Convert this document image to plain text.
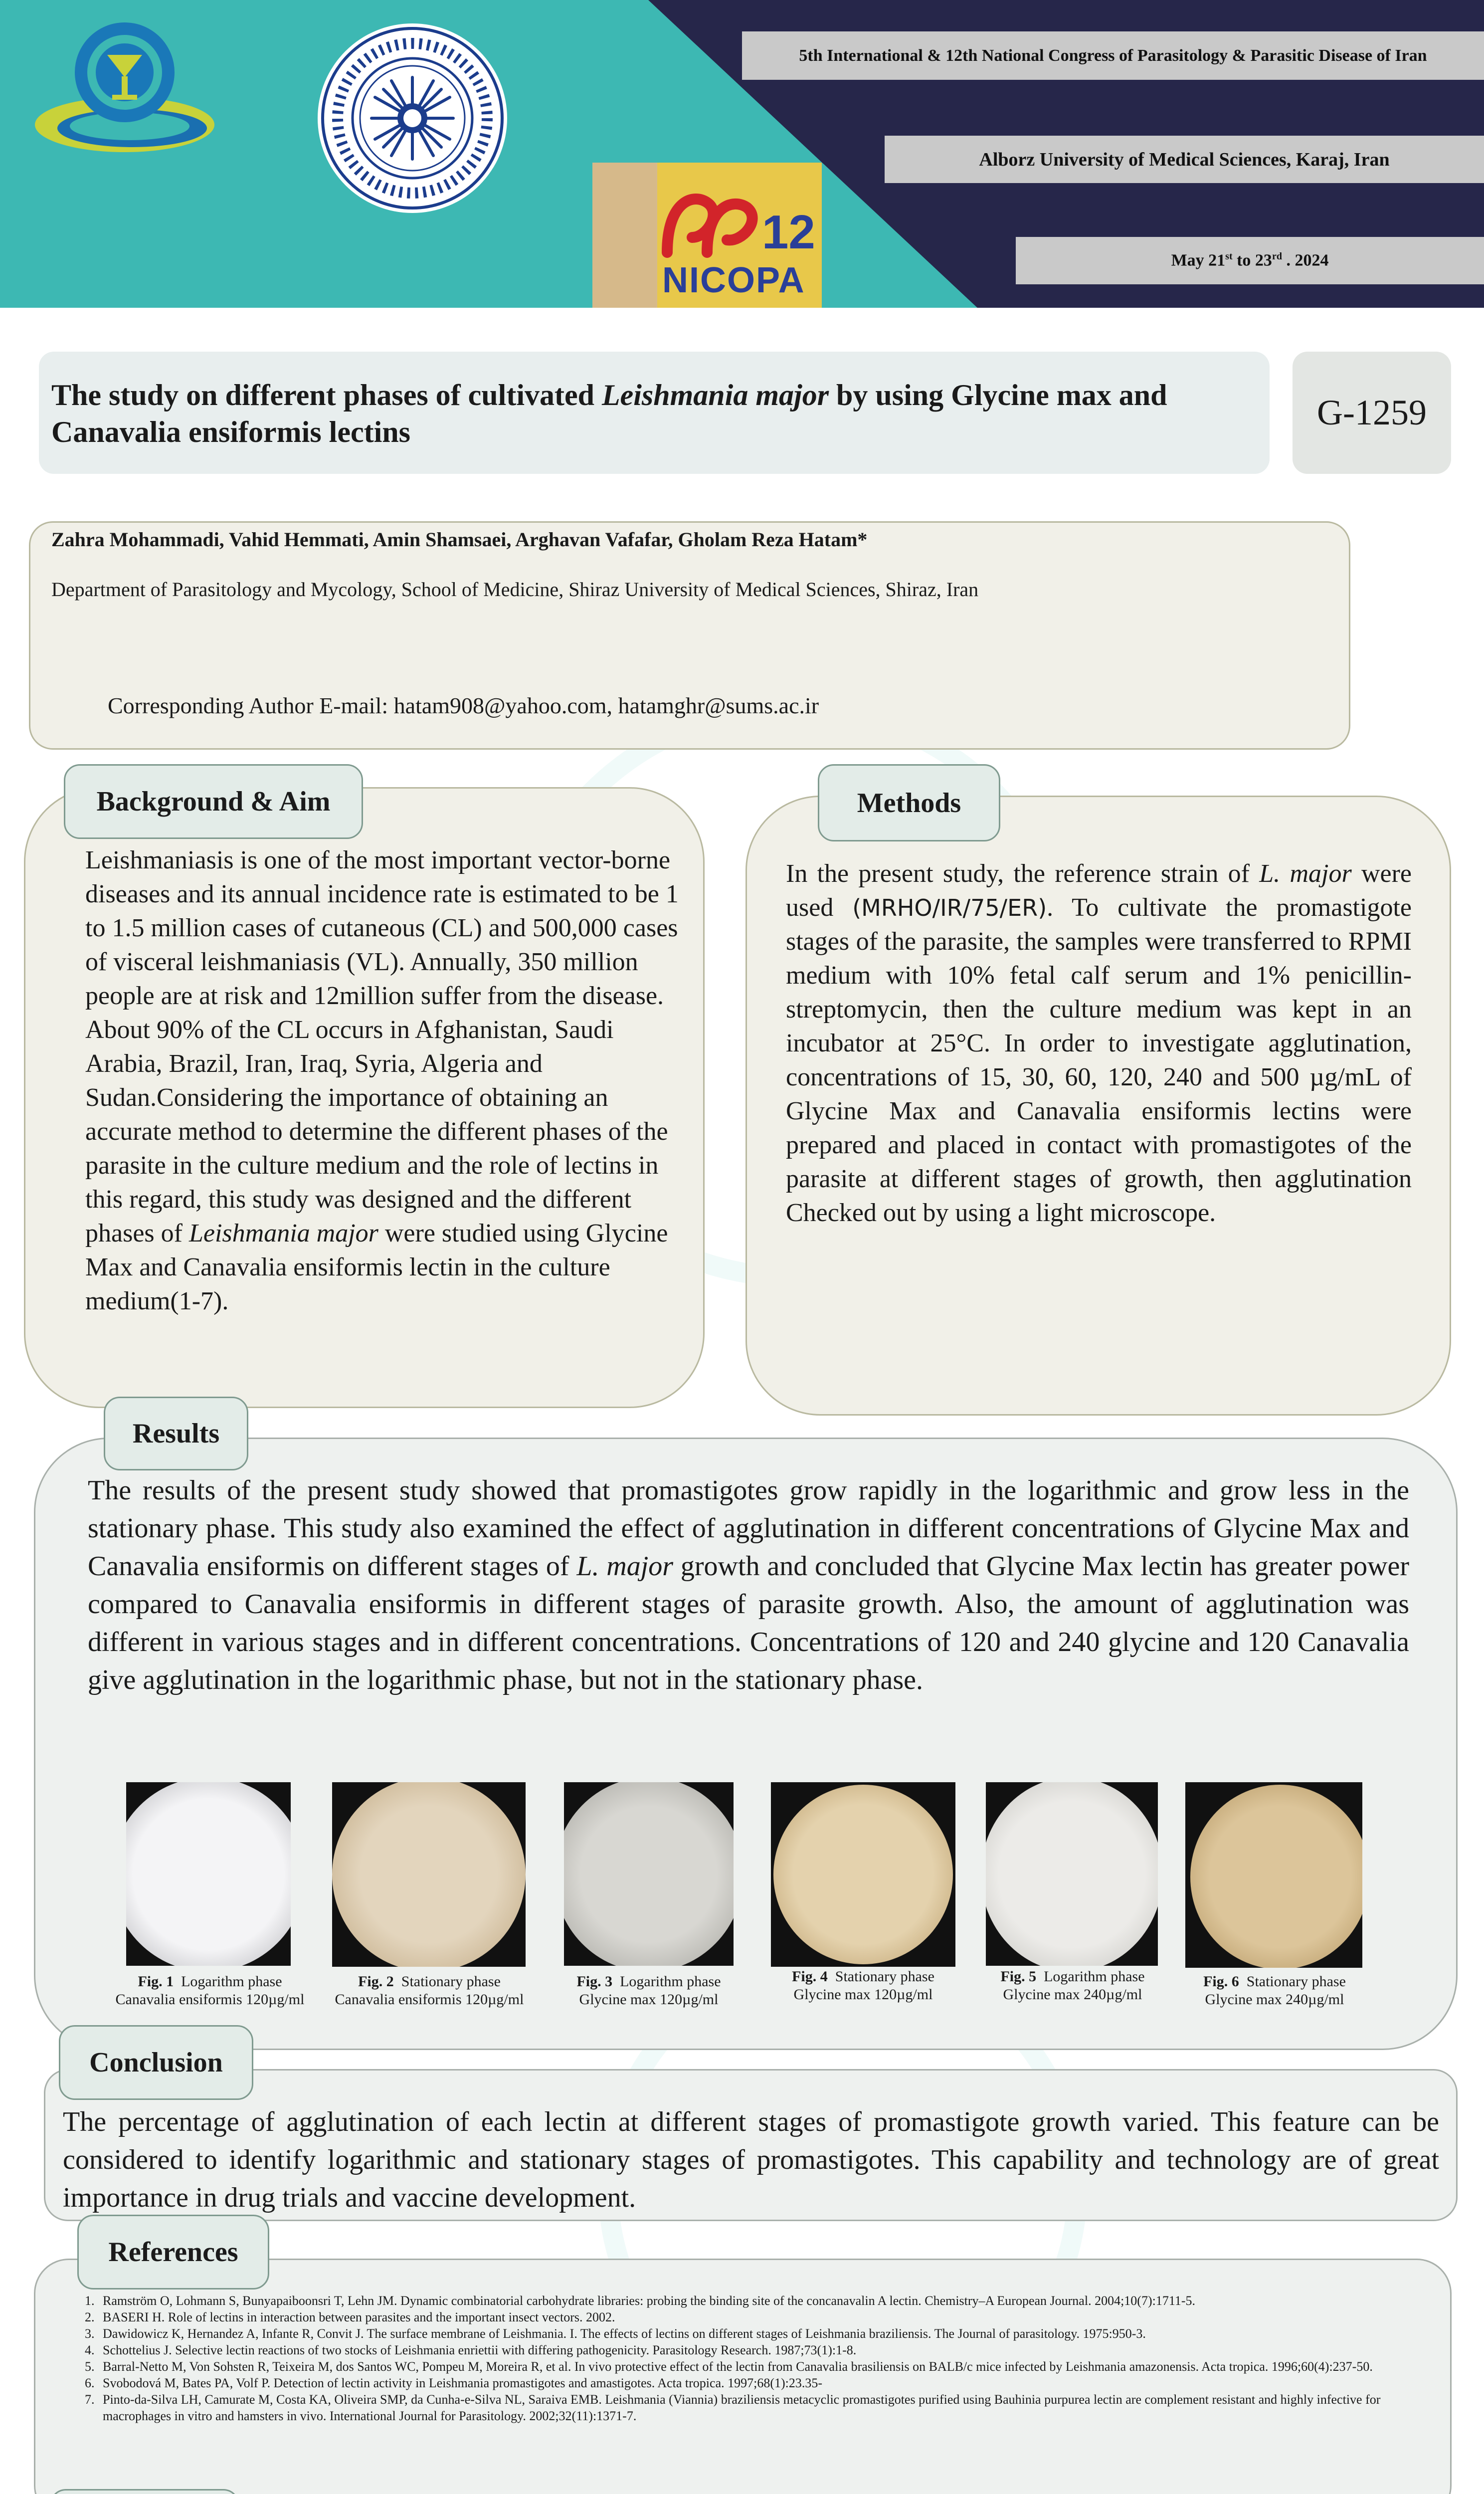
12
NICOPA
5th International & 12th National Congress of Parasitology & Parasitic Disease of Iran
Alborz University of Medical Sciences, Karaj, Iran
May 21st to 23rd . 2024
The study on different phases of cultivated Leishmania major by using Glycine max and Canavalia ensiformis lectins	G-1259
Zahra Mohammadi, Vahid Hemmati, Amin Shamsaei, Arghavan Vafafar, Gholam Reza Hatam*
Department of Parasitology and Mycology, School of Medicine, Shiraz University of Medical Sciences, Shiraz, Iran
Corresponding Author E-mail: hatam908@yahoo.com, hatamghr@sums.ac.ir
Leishmaniasis is one of the most important vector-borne diseases and its annual incidence rate is estimated to be 1 to 1.5 million cases of cutaneous (CL) and 500,000 cases of visceral leishmaniasis (VL). Annually, 350 million people are at risk and 12million suffer from the disease. About 90% of the CL occurs in Afghanistan, Saudi Arabia, Brazil, Iran, Iraq, Syria, Algeria and Sudan.Considering the importance of obtaining an accurate method to determine the different phases of the parasite in the culture medium and the role of lectins in this regard, this study was designed and the different phases of Leishmania major were studied using Glycine Max and Canavalia ensiformis lectin in the culture medium(1-7).
Background & Aim
In the present study, the reference strain of L. major were used (MRHO/IR/75/ER). To cultivate the promastigote stages of the parasite, the samples were transferred to RPMI medium with 10% fetal calf serum and 1% penicillin-streptomycin, then the culture medium was kept in an incubator at 25°C. In order to investigate agglutination, concentrations of 15, 30, 60, 120, 240 and 500 µg/mL of Glycine Max and Canavalia ensiformis lectins were prepared and placed in contact with promastigotes of the parasite at different stages of growth, then agglutination Checked out by using a light microscope.
Methods
The results of the present study showed that promastigotes grow rapidly in the logarithmic and grow less in the stationary phase. This study also examined the effect of agglutination in different concentrations of Glycine Max and Canavalia ensiformis on different stages of L. major growth and concluded that Glycine Max lectin has greater power compared to Canavalia ensiformis in different stages of parasite growth. Also, the amount of agglutination was different in various stages and in different concentrations. Concentrations of 120 and 240 glycine and 120 Canavalia give agglutination in the logarithmic phase, but not in the stationary phase.
Fig. 1 Logarithm phase
Canavalia ensiformis 120µg/ml
Fig. 2 Stationary phase
Canavalia ensiformis 120µg/ml
Fig. 3 Logarithm phase
Glycine max 120µg/ml
Fig. 4 Stationary phase
Glycine max 120µg/ml
Fig. 5 Logarithm phase
Glycine max 240µg/ml
Fig. 6 Stationary phase
Glycine max 240µg/ml
Results
The percentage of agglutination of each lectin at different stages of promastigote growth varied. This feature can be considered to identify logarithmic and stationary stages of promastigotes. This capability and technology are of great importance in drug trials and vaccine development.
Conclusion
1. Ramström O, Lohmann S, Bunyapaiboonsri T, Lehn JM. Dynamic combinatorial carbohydrate libraries: probing the binding site of the concanavalin A lectin. Chemistry–A European Journal. 2004;10(7):1711-5.
2. BASERI H. Role of lectins in interaction between parasites and the important insect vectors. 2002.
3. Dawidowicz K, Hernandez A, Infante R, Convit J. The surface membrane of Leishmania. I. The effects of lectins on different stages of Leishmania braziliensis. The Journal of parasitology. 1975:950-3.
4. Schottelius J. Selective lectin reactions of two stocks of Leishmania enriettii with differing pathogenicity. Parasitology Research. 1987;73(1):1-8.
5. Barral-Netto M, Von Sohsten R, Teixeira M, dos Santos WC, Pompeu M, Moreira R, et al. In vivo protective effect of the lectin from Canavalia brasiliensis on BALB/c mice infected by Leishmania amazonensis. Acta tropica. 1996;60(4):237-50.
6. Svobodová M, Bates PA, Volf P. Detection of lectin activity in Leishmania promastigotes and amastigotes. Acta tropica. 1997;68(1):23.35-
7. Pinto-da-Silva LH, Camurate M, Costa KA, Oliveira SMP, da Cunha-e-Silva NL, Saraiva EMB. Leishmania (Viannia) braziliensis metacyclic promastigotes purified using Bauhinia purpurea lectin are complement resistant and highly infective for macrophages in vitro and hamsters in vivo. International Journal for Parasitology. 2002;32(11):1371-7.
References
